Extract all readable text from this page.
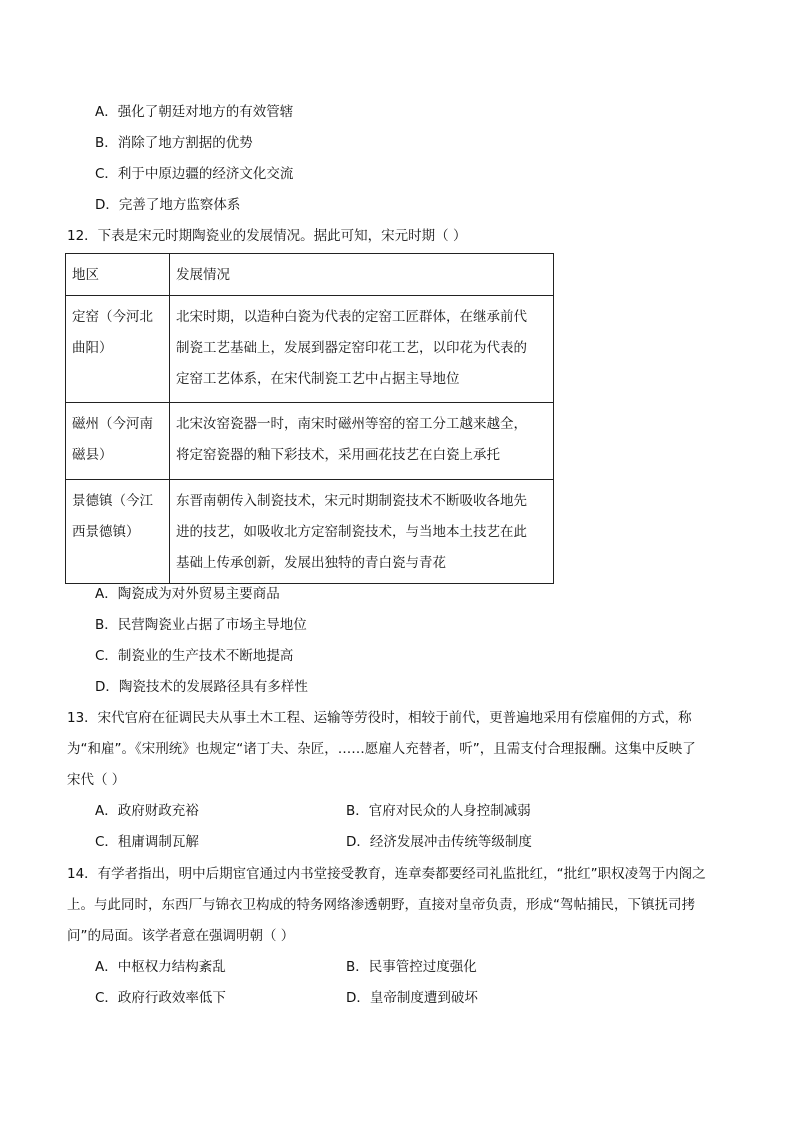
A．强化了朝廷对地方的有效管辖
B．消除了地方割据的优势
C．利于中原边疆的经济文化交流
D．完善了地方监察体系
12．下表是宋元时期陶瓷业的发展情况。据此可知，宋元时期（ ）
地区	发展情况

定窑（今河北
曲阳）	北宋时期，以造种白瓷为代表的定窑工匠群体，在继承前代
制瓷工艺基础上，发展到器定窑印花工艺，以印花为代表的
定窑工艺体系，在宋代制瓷工艺中占据主导地位

磁州（今河南
磁县）	北宋汝窑瓷器一时，南宋时磁州等窑的窑工分工越来越全，
将定窑瓷器的釉下彩技术，采用画花技艺在白瓷上承托

景德镇（今江
西景德镇）	东晋南朝传入制瓷技术，宋元时期制瓷技术不断吸收各地先
进的技艺，如吸收北方定窑制瓷技术，与当地本土技艺在此
基础上传承创新，发展出独特的青白瓷与青花
A．陶瓷成为对外贸易主要商品
B．民营陶瓷业占据了市场主导地位
C．制瓷业的生产技术不断地提高
D．陶瓷技术的发展路径具有多样性
13．宋代官府在征调民夫从事土木工程、运输等劳役时，相较于前代，更普遍地采用有偿雇佣的方式，称
为“和雇”。《宋刑统》也规定“诸丁夫、杂匠，……愿雇人充替者，听”，且需支付合理报酬。这集中反映了
宋代（ ）
A．政府财政充裕	B．官府对民众的人身控制减弱
C．租庸调制瓦解	D．经济发展冲击传统等级制度
14．有学者指出，明中后期宦官通过内书堂接受教育，连章奏都要经司礼监批红，“批红”职权凌驾于内阁之
上。与此同时，东西厂与锦衣卫构成的特务网络渗透朝野，直接对皇帝负责，形成“驾帖捕民，下镇抚司拷
问”的局面。该学者意在强调明朝（ ）
A．中枢权力结构紊乱	B．民事管控过度强化
C．政府行政效率低下	D．皇帝制度遭到破坏
